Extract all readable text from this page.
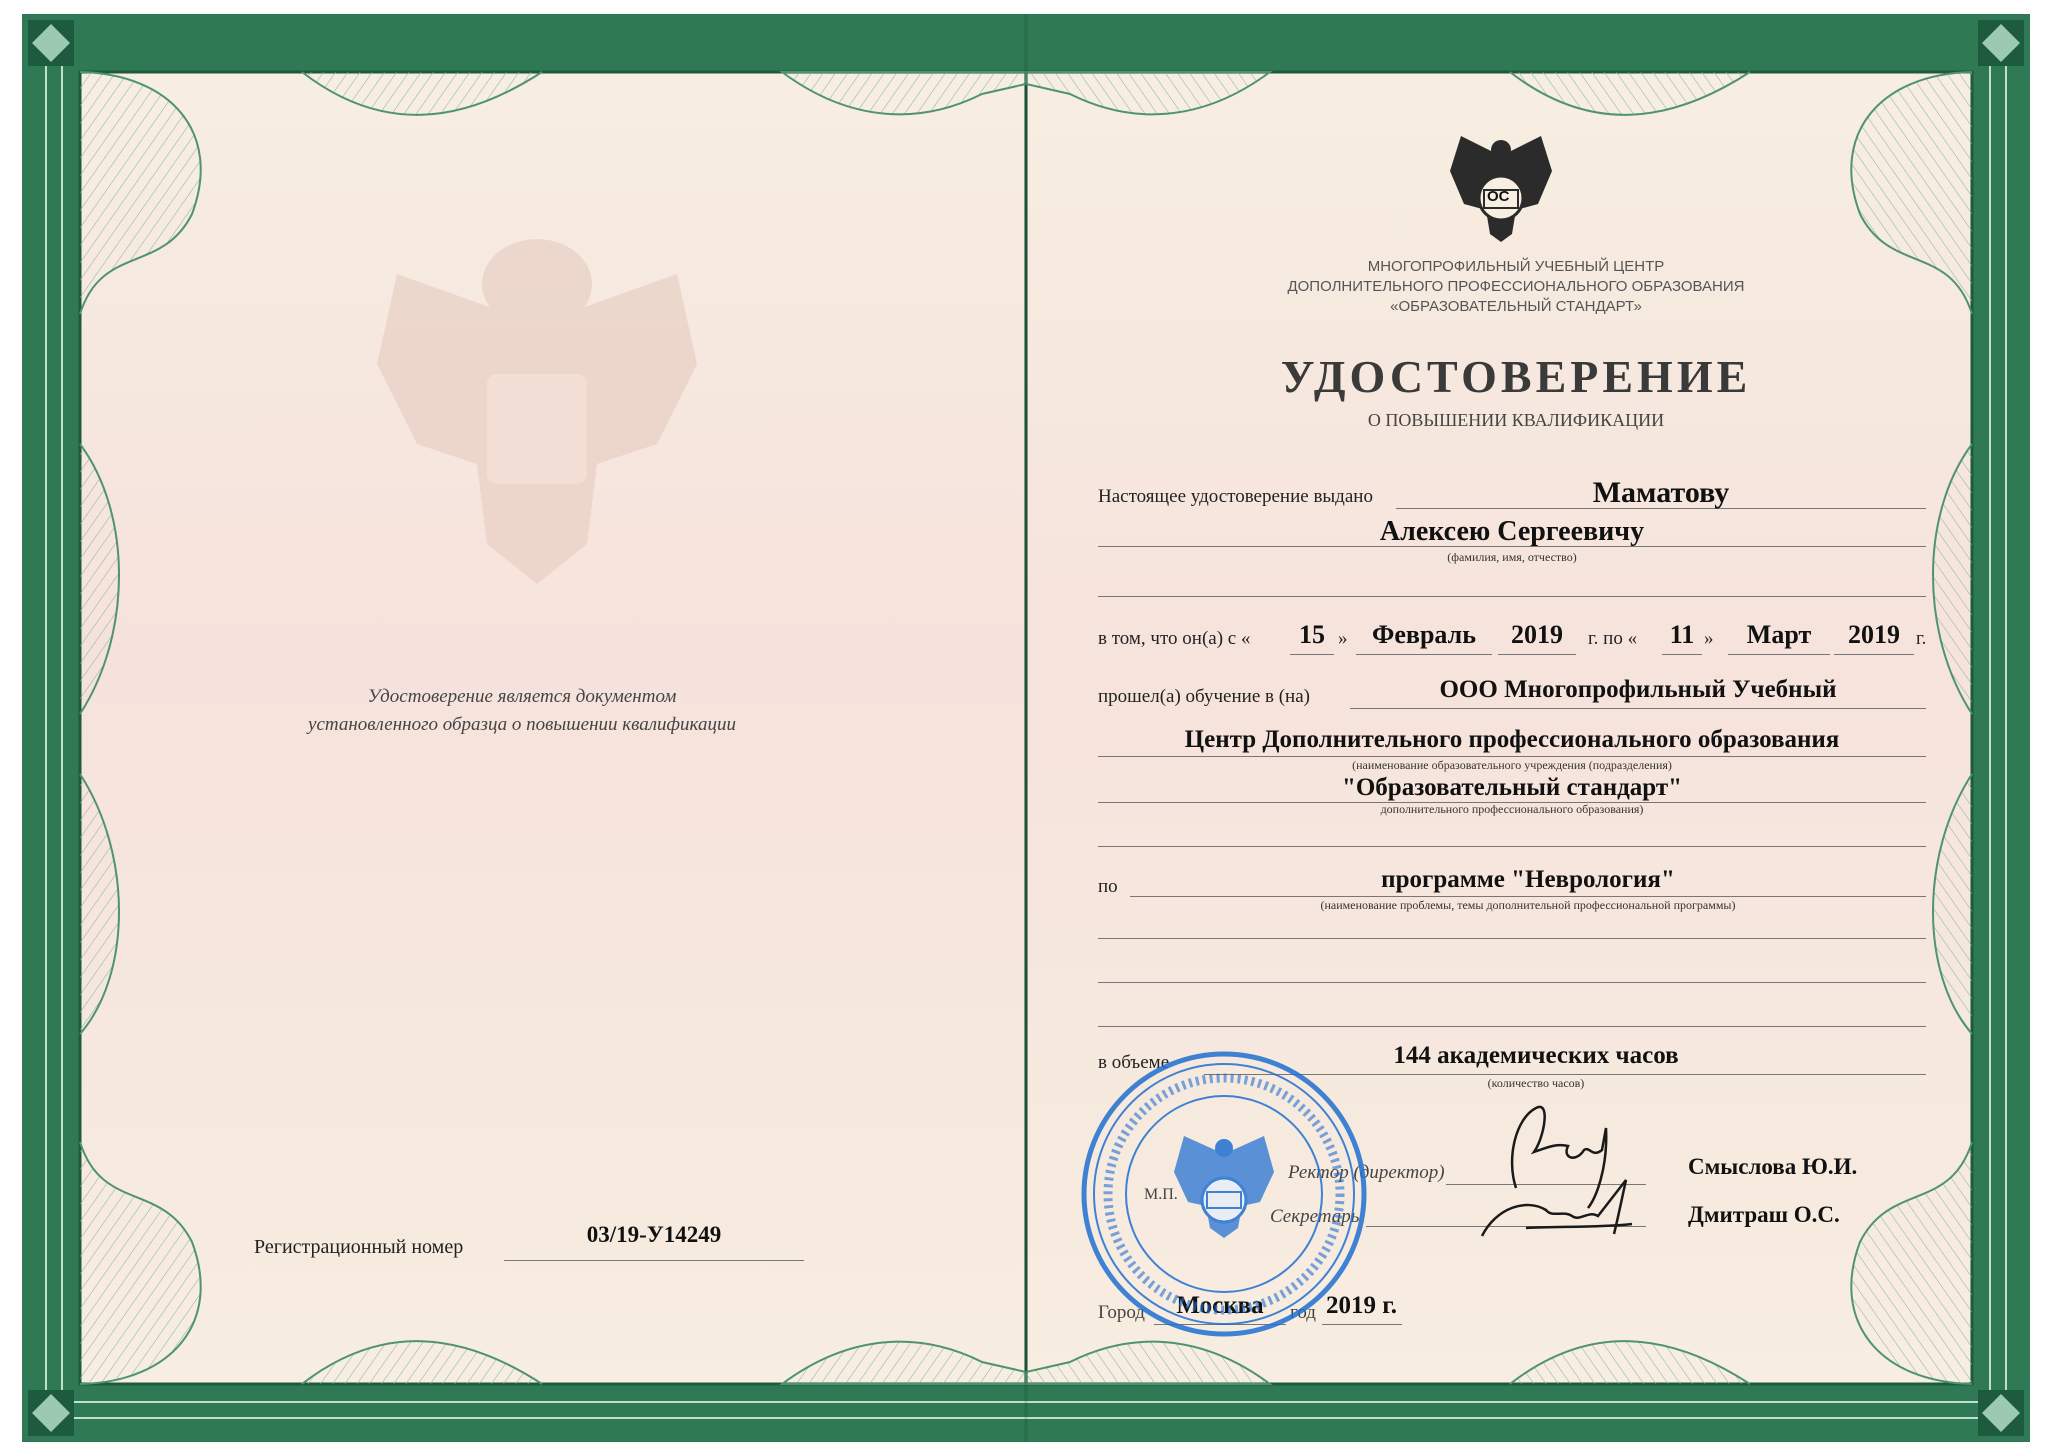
Удостоверение является документом
установленного образца о повышении квалификации
Регистрационный номер	03/19-У14249
ОС
МНОГОПРОФИЛЬНЫЙ УЧЕБНЫЙ ЦЕНТР
ДОПОЛНИТЕЛЬНОГО ПРОФЕССИОНАЛЬНОГО ОБРАЗОВАНИЯ
«ОБРАЗОВАТЕЛЬНЫЙ СТАНДАРТ»
УДОСТОВЕРЕНИЕ
О ПОВЫШЕНИИ КВАЛИФИКАЦИИ
Настоящее удостоверение выдано	Маматову
Алексею Сергеевичу
(фамилия, имя, отчество)
в том, что он(а) с «	15 » Февраль	2019	г. по « 11 »	Март	2019 г.
прошел(а) обучение в (на)	ООО Многопрофильный Учебный
Центр Дополнительного профессионального образования
(наименование образовательного учреждения (подразделения)
"Образовательный стандарт"
дополнительного профессионального образования)
по	программе "Неврология"
(наименование проблемы, темы дополнительной профессиональной программы)
в объеме	144 академических часов
(количество часов)
Ректор (директор)	Смыслова Ю.И.
М.П.
Секретарь	Дмитраш О.С.
Город	Москва	год 2019 г.
